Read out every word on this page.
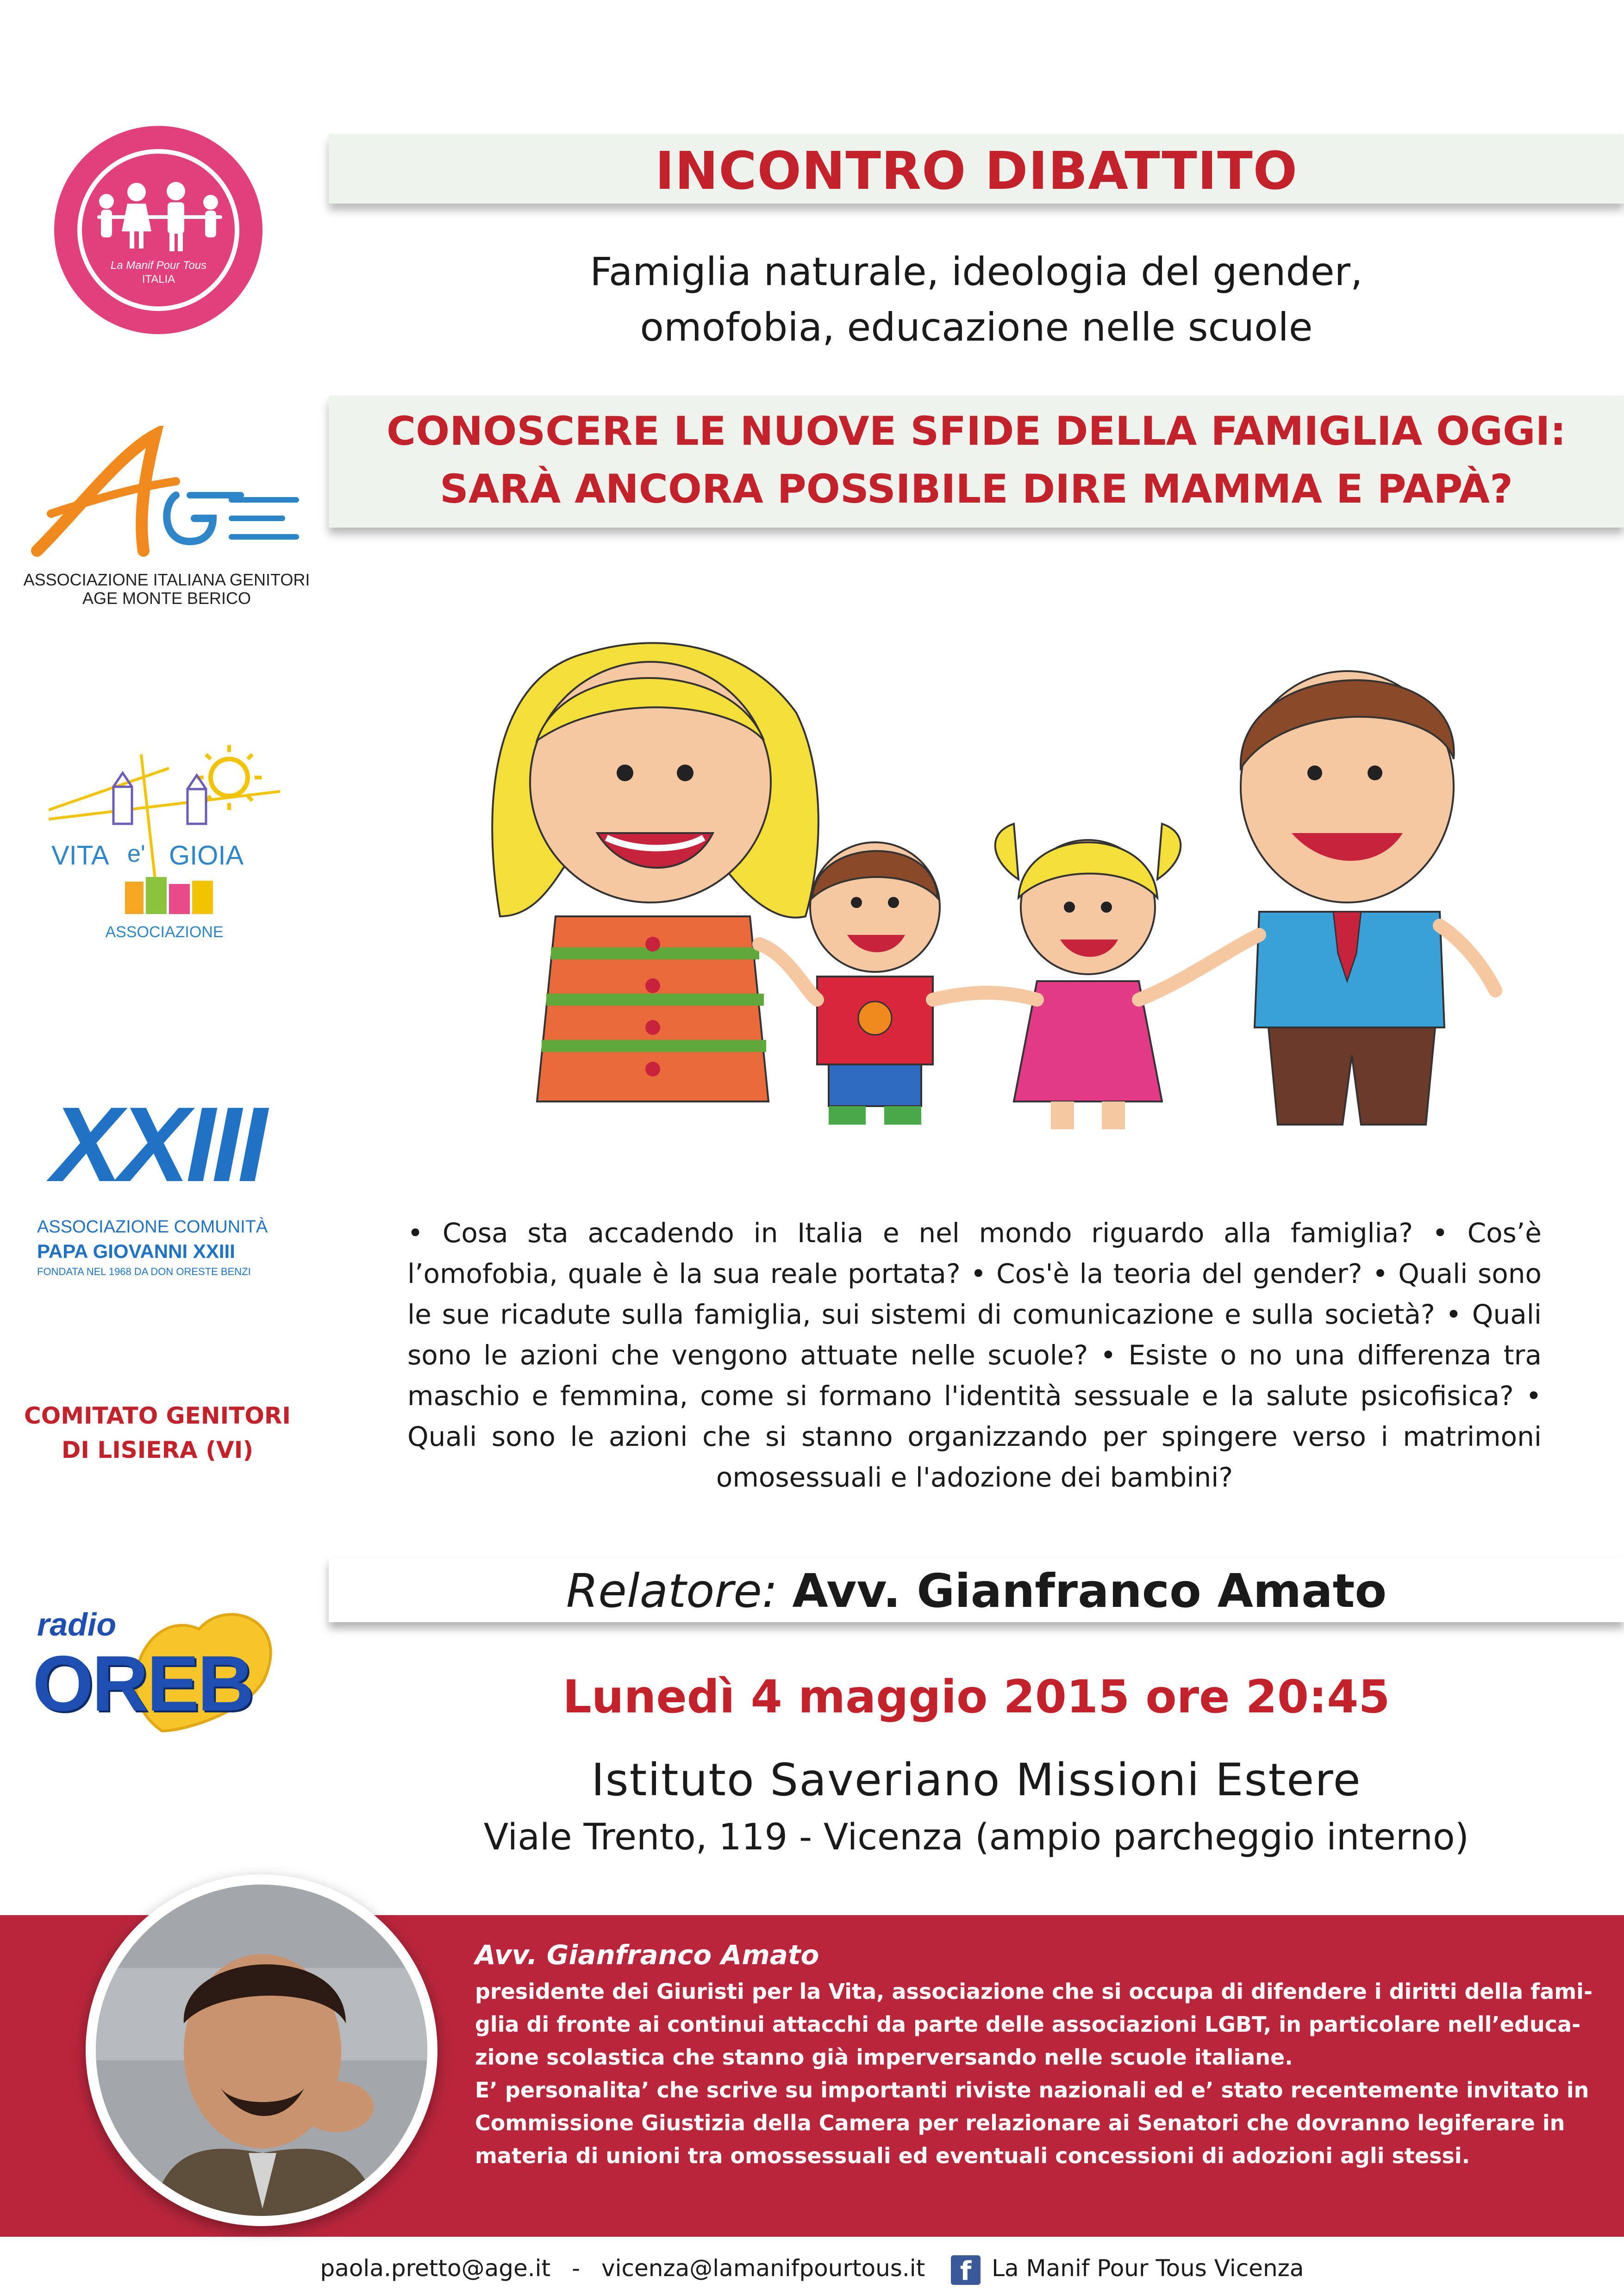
La Manif Pour Tous
ITALIA
ASSOCIAZIONE ITALIANA GENITORI
AGE MONTE BERICO
VITA e' GIOIA
ASSOCIAZIONE
XXIII
ASSOCIAZIONE COMUNITÀ
PAPA GIOVANNI XXIII
FONDATA NEL 1968 DA DON ORESTE BENZI
COMITATO GENITORI
DI LISIERA (VI)
radio
OREB
INCONTRO DIBATTITO
Famiglia naturale, ideologia del gender,
omofobia, educazione nelle scuole
CONOSCERE LE NUOVE SFIDE DELLA FAMIGLIA OGGI:
SARÀ ANCORA POSSIBILE DIRE MAMMA E PAPÀ?
• Cosa sta accadendo in Italia e nel mondo riguardo alla famiglia? • Cos’è l’omofobia, quale è la sua reale portata? • Cos'è la teoria del gender? • Quali sono le sue ricadute sulla famiglia, sui sistemi di comunicazione e sulla società? • Quali sono le azioni che vengono attuate nelle scuole? • Esiste o no una differenza tra maschio e femmina, come si formano l'identità sessuale e la salute psicofisica? • Quali sono le azioni che si stanno organizzando per spingere verso i matrimoni omosessuali e l'adozione dei bambini?
Relatore: Avv. Gianfranco Amato
Lunedì 4 maggio 2015 ore 20:45
Istituto Saveriano Missioni Estere
Viale Trento, 119 - Vicenza (ampio parcheggio interno)
Avv. Gianfranco Amato
presidente dei Giuristi per la Vita, associazione che si occupa di difendere i diritti della fami-
glia di fronte ai continui attacchi da parte delle associazioni LGBT, in particolare nell’educa-
zione scolastica che stanno già imperversando nelle scuole italiane.
E’ personalita’ che scrive su importanti riviste nazionali ed e’ stato recentemente invitato in
Commissione Giustizia della Camera per relazionare ai Senatori che dovranno legiferare in
materia di unioni tra omossessuali ed eventuali concessioni di adozioni agli stessi.
paola.pretto@age.it - vicenza@lamanifpourtous.it f La Manif Pour Tous Vicenza
